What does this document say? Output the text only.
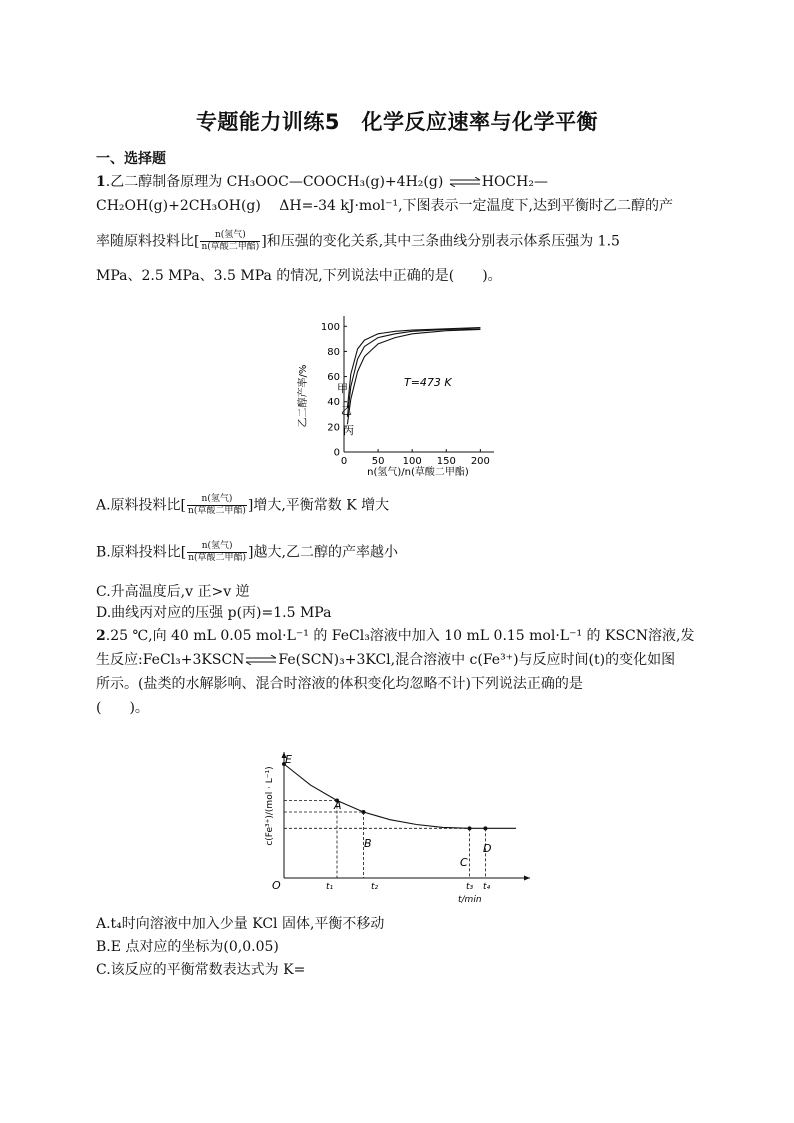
专题能力训练5　化学反应速率与化学平衡
一、选择题
1.乙二醇制备原理为 CH₃OOC—COOCH₃(g)+4H₂(g) ⇌HOCH₂—
CH₂OH(g)+2CH₃OH(g)　 ΔH=-34 kJ·mol⁻¹,下图表示一定温度下,达到平衡时乙二醇的产
率随原料投料比[ $\frac{\text{n(氢气)}}{\text{n(草酸二甲酯)}}$ ]和压强的变化关系,其中三条曲线分别表示体系压强为 1.5
MPa、2.5 MPa、3.5 MPa 的情况,下列说法中正确的是(　　)。
0
20
40
60
80
100
0 50 100 150 200
T=473 K
n(氢气)/n(草酸二甲酯)
乙二醇产率/%	甲
乙
丙
A.原料投料比[ $\frac{\text{n(氢气)}}{\text{n(草酸二甲酯)}}$ ]增大,平衡常数 K 增大
B.原料投料比[ $\frac{\text{n(氢气)}}{\text{n(草酸二甲酯)}}$ ]越大,乙二醇的产率越小
C.升高温度后,v 正>v 逆
D.曲线丙对应的压强 p(丙)=1.5 MPa
2.25 ℃,向 40 mL 0.05 mol·L⁻¹ 的 FeCl₃溶液中加入 10 mL 0.15 mol·L⁻¹ 的 KSCN溶液,发
生反应:FeCl₃+3KSCN⇌Fe(SCN)₃+3KCl,混合溶液中 c(Fe³⁺)与反应时间(t)的变化如图
所示。(盐类的水解影响、混合时溶液的体积变化均忽略不计)下列说法正确的是
(　　)。
c(Fe³⁺)/(mol · L⁻¹)
t/min
O
E
A
B
C
D
t₁	t₂	t₃ t₄
A.t₄时向溶液中加入少量 KCl 固体,平衡不移动
B.E 点对应的坐标为(0,0.05)
C.该反应的平衡常数表达式为 K=
